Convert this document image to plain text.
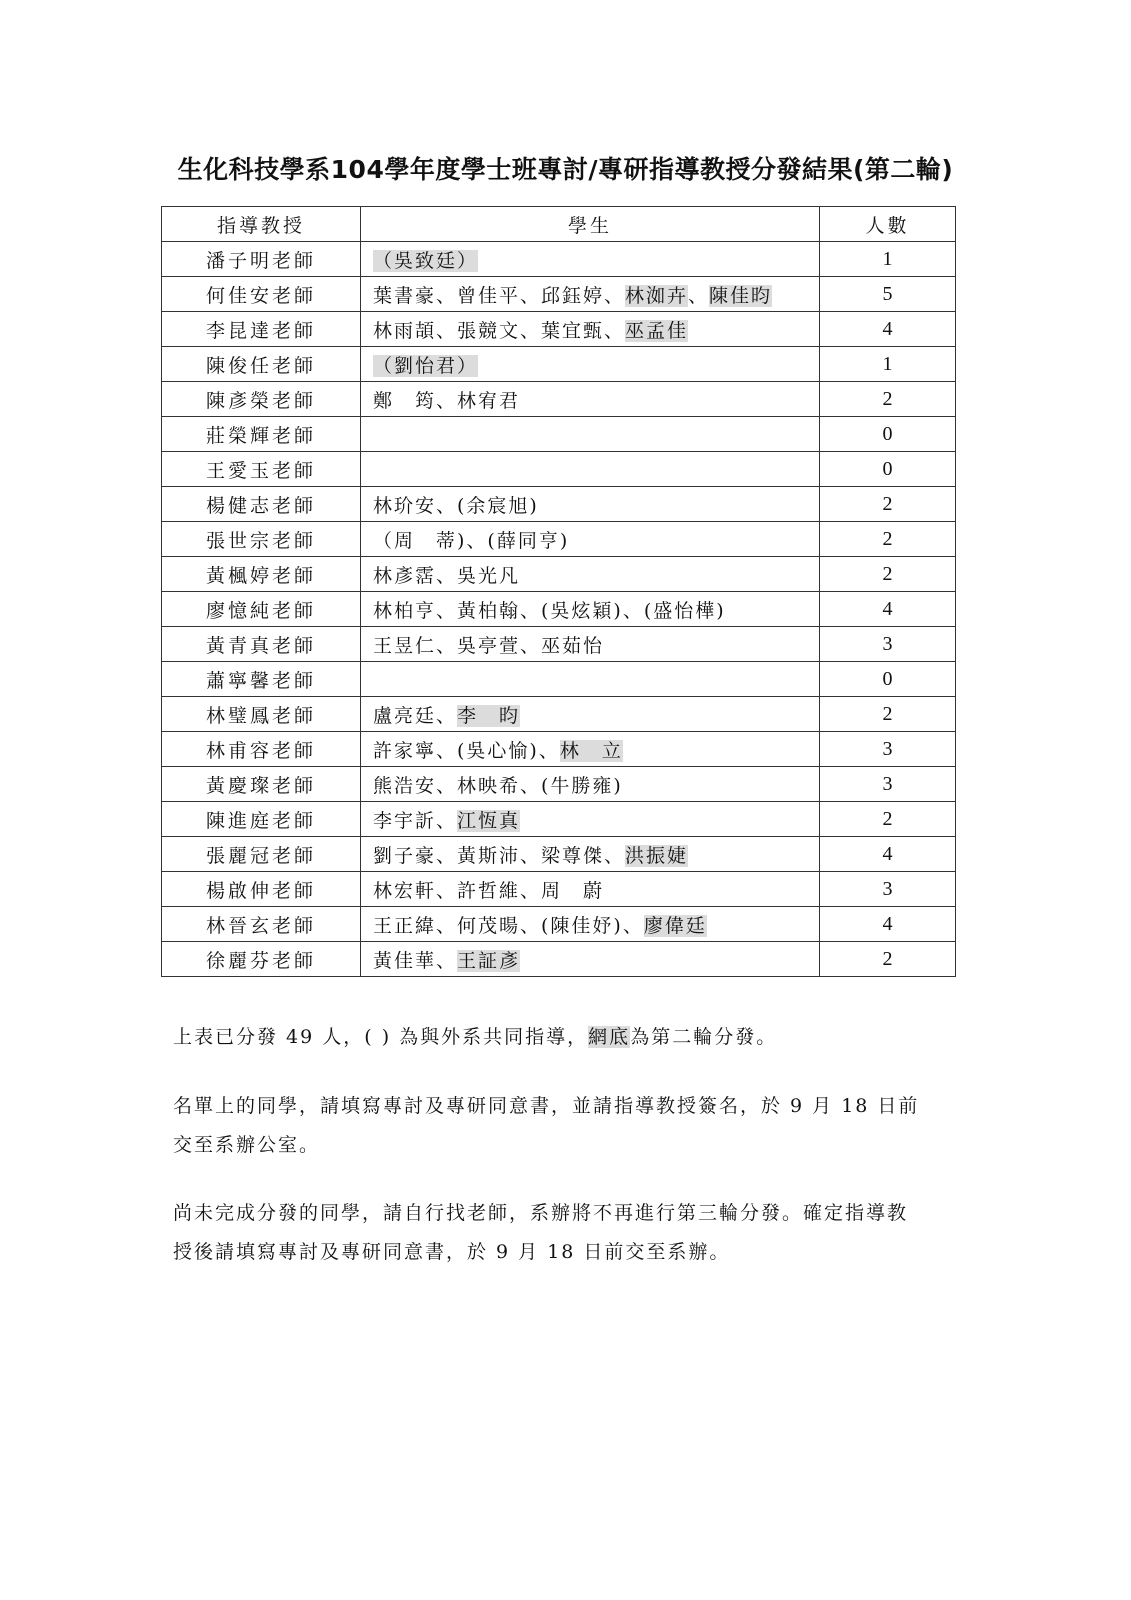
生化科技學系104學年度學士班專討/專研指導教授分發結果(第二輪)
指導教授	學生	人數
潘子明老師	（吳致廷）	1
何佳安老師	葉書豪、曾佳平、邱鈺婷、林洳卉、陳佳昀	5
李昆達老師	林雨頡、張競文、葉宜甄、巫孟佳	4
陳俊任老師	（劉怡君）	1
陳彥榮老師	鄭　筠、林宥君	2
莊榮輝老師		0
王愛玉老師		0
楊健志老師	林玠安、(余宸旭)	2
張世宗老師	（周　蒂)、(薛同亨)	2
黃楓婷老師	林彥霑、吳光凡	2
廖憶純老師	林柏亨、黃柏翰、(吳炫穎)、(盛怡樺)	4
黃青真老師	王昱仁、吳亭萱、巫茹怡	3
蕭寧馨老師		0
林璧鳳老師	盧亮廷、李　昀	2
林甫容老師	許家寧、(吳心愉)、林　立	3
黃慶璨老師	熊浩安、林映希、(牛勝雍)	3
陳進庭老師	李宇訢、江恆真	2
張麗冠老師	劉子豪、黃斯沛、梁尊傑、洪振婕	4
楊啟伸老師	林宏軒、許哲維、周　蔚	3
林晉玄老師	王正緯、何茂暘、(陳佳妤)、廖偉廷	4
徐麗芬老師	黃佳華、王証彥	2
上表已分發 49 人，( ) 為與外系共同指導，網底為第二輪分發。
名單上的同學，請填寫專討及專研同意書，並請指導教授簽名，於 9 月 18 日前
交至系辦公室。
尚未完成分發的同學，請自行找老師，系辦將不再進行第三輪分發。確定指導教
授後請填寫專討及專研同意書，於 9 月 18 日前交至系辦。
